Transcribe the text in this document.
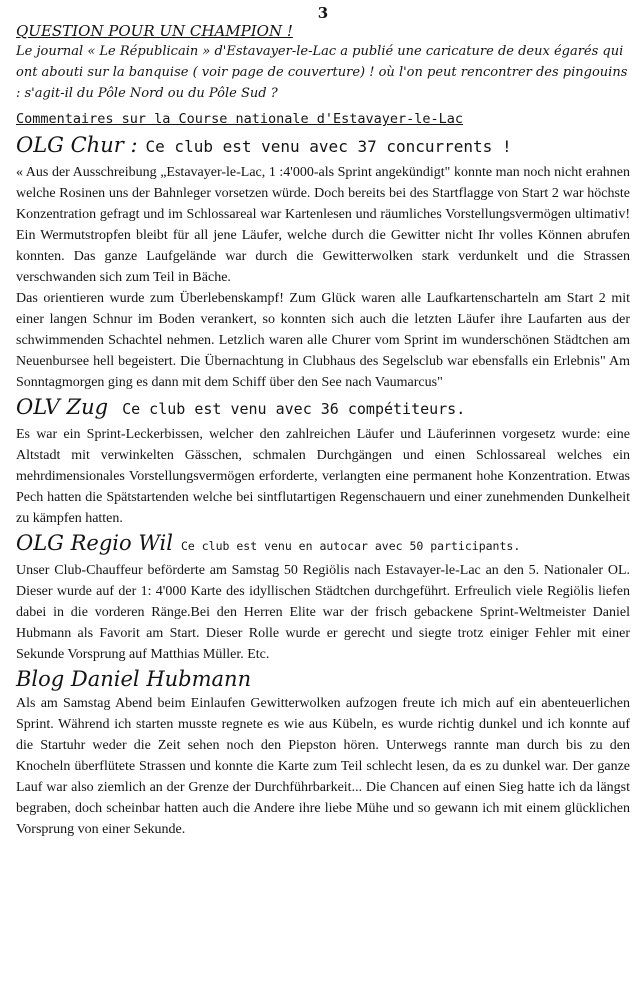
3

QUESTION POUR UN CHAMPION !

Le journal « Le Républicain » d'Estavayer-le-Lac a publié une caricature de deux égarés qui ont abouti sur la banquise ( voir page de couverture) ! où l'on peut rencontrer des pingouins : s'agit-il du Pôle Nord ou du Pôle Sud ?

Commentaires sur la Course nationale d'Estavayer-le-Lac

OLG Chur : Ce club est venu avec 37 concurrents !

« Aus der Ausschreibung „Estavayer-le-Lac, 1 :4'000-als Sprint angekündigt" konnte man noch nicht erahnen welche Rosinen uns der Bahnleger vorsetzen würde. Doch bereits bei des Startflagge von Start 2 war höchste Konzentration gefragt und im Schlossareal war Kartenlesen und räumliches Vorstellungsvermögen ultimativ! Ein Wermutstropfen bleibt für all jene Läufer, welche durch die Gewitter nicht Ihr volles Können abrufen konnten. Das ganze Laufgelände war durch die Gewitterwolken stark verdunkelt und die Strassen verschwanden sich zum Teil in Bäche.

Das orientieren wurde zum Überlebenskampf! Zum Glück waren alle Laufkartenscharteln am Start 2 mit einer langen Schnur im Boden verankert, so konnten sich auch die letzten Läufer ihre Laufarten aus der schwimmenden Schachtel nehmen. Letzlich waren alle Churer vom Sprint im wunderschönen Städtchen am Neuenbursee hell begeistert. Die Übernachtung in Clubhaus des Segelsclub war ebensfalls ein Erlebnis" Am Sonntagmorgen ging es dann mit dem Schiff über den See nach Vaumarcus"

OLV Zug Ce club est venu avec 36 compétiteurs.

Es war ein Sprint-Leckerbissen, welcher den zahlreichen Läufer und Läuferinnen vorgesetz wurde: eine Altstadt mit verwinkelten Gässchen, schmalen Durchgängen und einen Schlossareal welches ein mehrdimensionales Vorstellungsvermögen erforderte, verlangten eine permanent hohe Konzentration. Etwas Pech hatten die Spätstartenden welche bei sintflutartigen Regenschauern und einer zunehmenden Dunkelheit zu kämpfen hatten.

OLG Regio Wil Ce club est venu en autocar avec 50 participants.

Unser Club-Chauffeur beförderte am Samstag 50 Regiölis nach Estavayer-le-Lac an den 5. Nationaler OL. Dieser wurde auf der 1: 4'000 Karte des idyllischen Städtchen durchgeführt. Erfreulich viele Regiölis liefen dabei in die vorderen Ränge.Bei den Herren Elite war der frisch gebackene Sprint-Weltmeister Daniel Hubmann als Favorit am Start. Dieser Rolle wurde er gerecht und siegte trotz einiger Fehler mit einer Sekunde Vorsprung auf Matthias Müller. Etc.

Blog Daniel Hubmann

Als am Samstag Abend beim Einlaufen Gewitterwolken aufzogen freute ich mich auf ein abenteuerlichen Sprint. Während ich starten musste regnete es wie aus Kübeln, es wurde richtig dunkel und ich konnte auf die Startuhr weder die Zeit sehen noch den Piepston hören. Unterwegs rannte man durch bis zu den Knocheln überflütete Strassen und konnte die Karte zum Teil schlecht lesen, da es zu dunkel war. Der ganze Lauf war also ziemlich an der Grenze der Durchführbarkeit... Die Chancen auf einen Sieg hatte ich da längst begraben, doch scheinbar hatten auch die Andere ihre liebe Mühe und so gewann ich mit einem glücklichen Vorsprung von einer Sekunde.
